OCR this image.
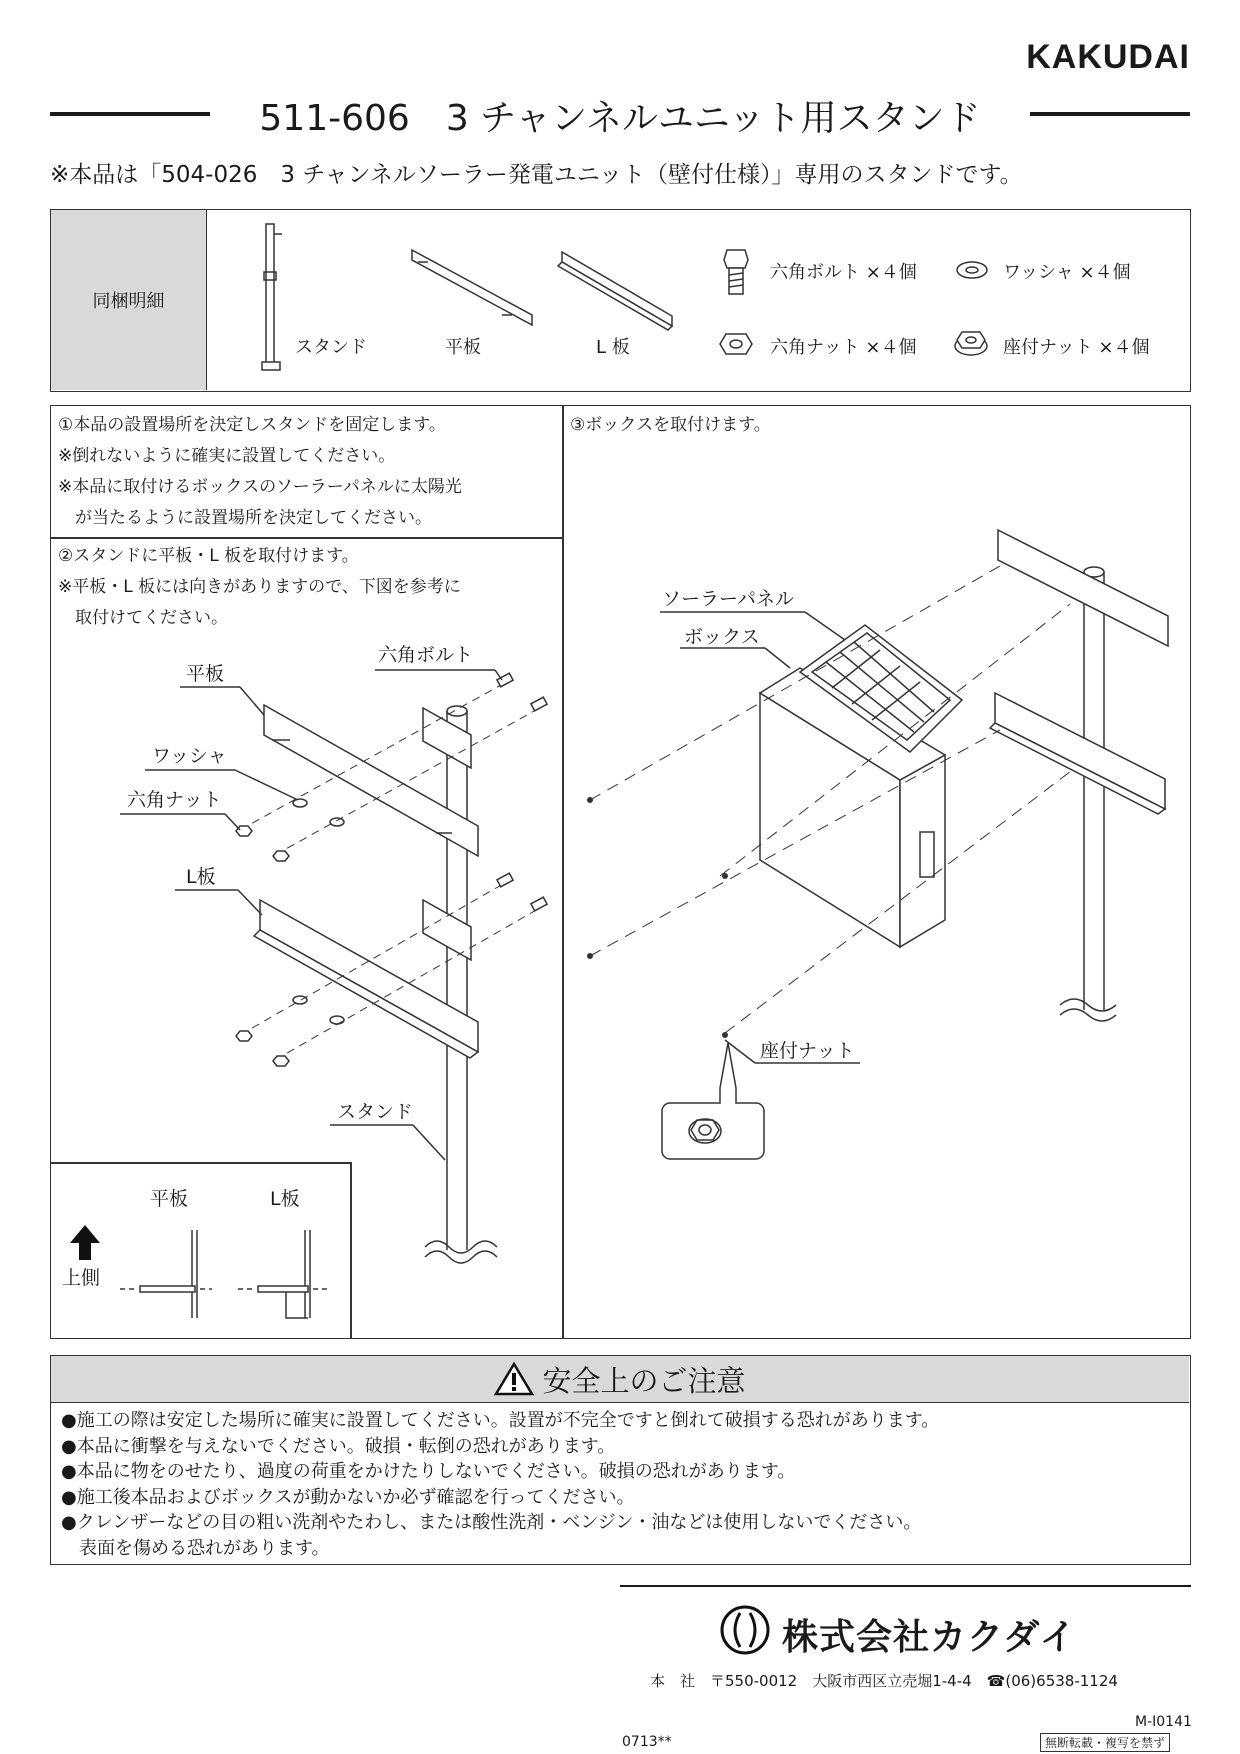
KAKUDAI
511-606　3 チャンネルユニット用スタンド
※本品は「504-026　3 チャンネルソーラー発電ユニット（壁付仕様）」専用のスタンドです。
同梱明細
スタンド	平板	L 板
六角ボルト ×４個	ワッシャ ×４個
六角ナット ×４個	座付ナット ×４個
①本品の設置場所を決定しスタンドを固定します。
※倒れないように確実に設置してください。
※本品に取付けるボックスのソーラーパネルに太陽光
　が当たるように設置場所を決定してください。
②スタンドに平板・L 板を取付けます。
※平板・L 板には向きがありますので、下図を参考に
　取付けてください。
六角ボルト
平板
ワッシャ
六角ナット
L板
スタンド
平板	L板
上側
③ボックスを取付けます。
ソーラーパネル
ボックス
座付ナット
安全上のご注意
●施工の際は安定した場所に確実に設置してください。設置が不完全ですと倒れて破損する恐れがあります。
●本品に衝撃を与えないでください。破損・転倒の恐れがあります。
●本品に物をのせたり、過度の荷重をかけたりしないでください。破損の恐れがあります。
●施工後本品およびボックスが動かないか必ず確認を行ってください。
●クレンザーなどの目の粗い洗剤やたわし、または酸性洗剤・ベンジン・油などは使用しないでください。
　表面を傷める恐れがあります。
株式会社カクダイ
本　社　〒550-0012　大阪市西区立売堀1-4-4　☎(06)6538-1124
M-I0141
無断転載・複写を禁ず
0713**
